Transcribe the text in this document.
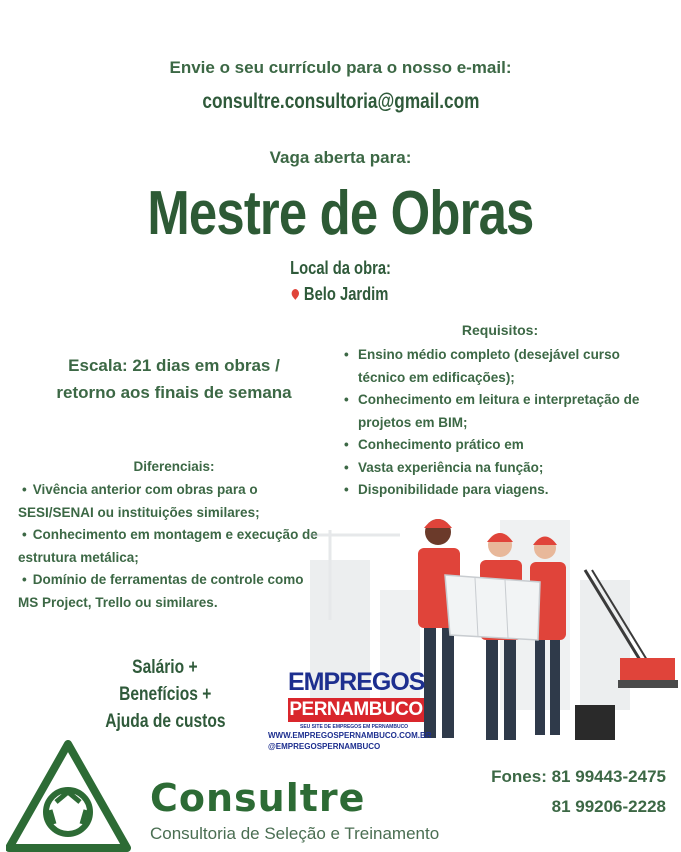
Envie o seu currículo para o nosso e-mail:
consultre.consultoria@gmail.com
Vaga aberta para:
Mestre de Obras
Local da obra:
Belo Jardim
Escala: 21 dias em obras /
retorno aos finais de semana
Requisitos:
• Ensino médio completo (desejável curso técnico em edificações);
• Conhecimento em leitura e interpretação de projetos em BIM;
• Conhecimento prático em
• Vasta experiência na função;
• Disponibilidade para viagens.
Diferenciais:
• Vivência anterior com obras para o SESI/SENAI ou instituições similares;
• Conhecimento em montagem e execução de estrutura metálica;
• Domínio de ferramentas de controle como MS Project, Trello ou similares.
Salário +
Benefícios +
Ajuda de custos
EMPREGOS
PERNAMBUCO
SEU SITE DE EMPREGOS EM PERNAMBUCO
WWW.EMPREGOSPERNAMBUCO.COM.BR
@EMPREGOSPERNAMBUCO
Fones: 81 99443-2475
81 99206-2228
Consultre
Consultoria de Seleção e Treinamento
